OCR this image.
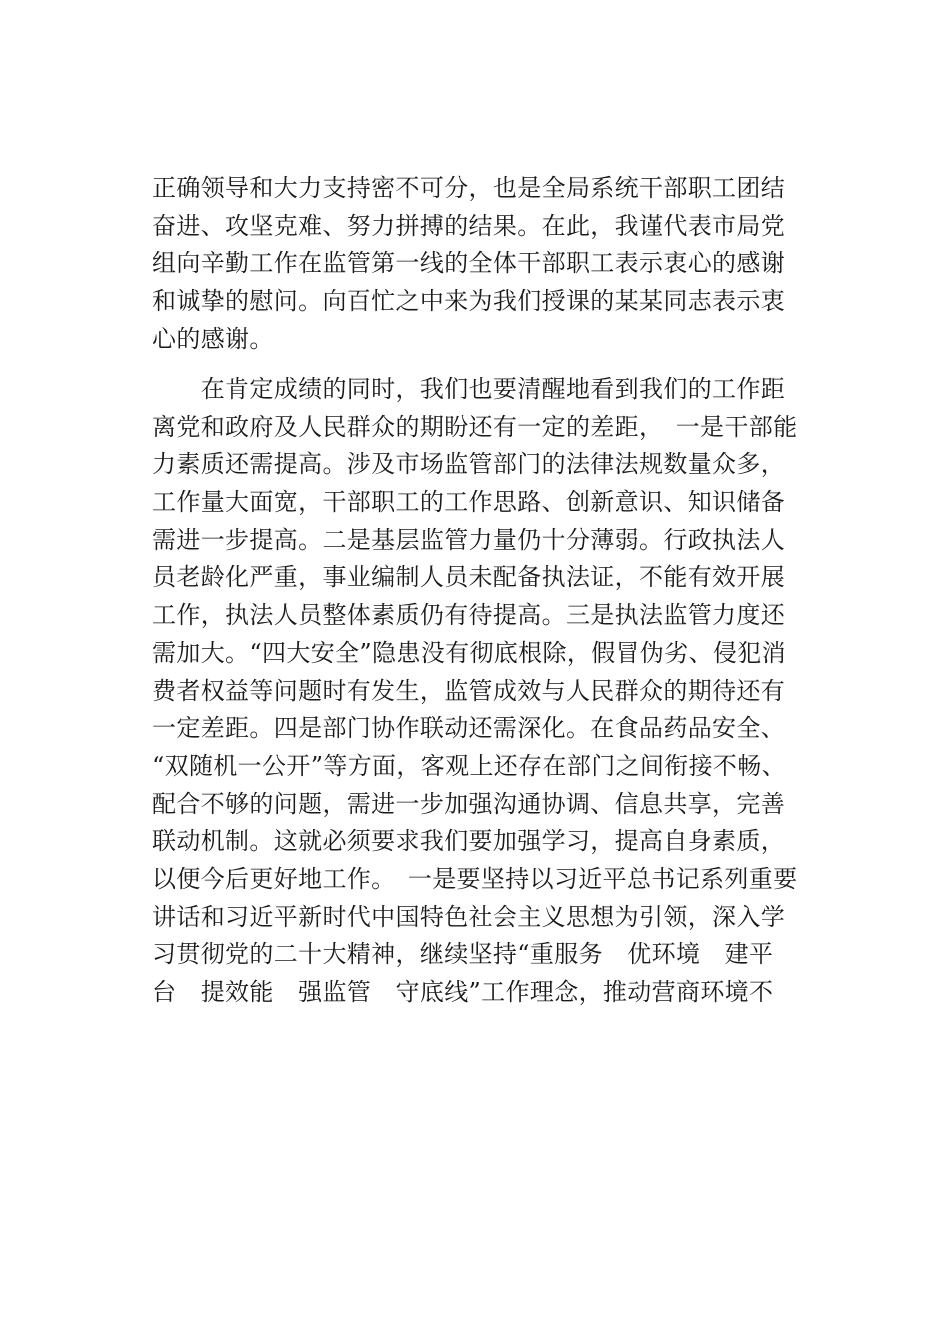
正确领导和大力支持密不可分，也是全局系统干部职工团结
奋进、攻坚克难、努力拼搏的结果。在此，我谨代表市局党
组向辛勤工作在监管第一线的全体干部职工表示衷心的感谢
和诚挚的慰问。向百忙之中来为我们授课的某某同志表示衷
心的感谢。
　　在肯定成绩的同时，我们也要清醒地看到我们的工作距
离党和政府及人民群众的期盼还有一定的差距，　一是干部能
力素质还需提高。涉及市场监管部门的法律法规数量众多，
工作量大面宽，干部职工的工作思路、创新意识、知识储备
需进一步提高。二是基层监管力量仍十分薄弱。行政执法人
员老龄化严重，事业编制人员未配备执法证，不能有效开展
工作，执法人员整体素质仍有待提高。三是执法监管力度还
需加大。“四大安全”隐患没有彻底根除，假冒伪劣、侵犯消
费者权益等问题时有发生，监管成效与人民群众的期待还有
一定差距。四是部门协作联动还需深化。在食品药品安全、
“双随机一公开”等方面，客观上还存在部门之间衔接不畅、
配合不够的问题，需进一步加强沟通协调、信息共享，完善
联动机制。这就必须要求我们要加强学习，提高自身素质，
以便今后更好地工作。　一是要坚持以习近平总书记系列重要
讲话和习近平新时代中国特色社会主义思想为引领，深入学
习贯彻党的二十大精神，继续坚持“重服务　优环境　建平
台　提效能　强监管　守底线”工作理念，推动营商环境不
